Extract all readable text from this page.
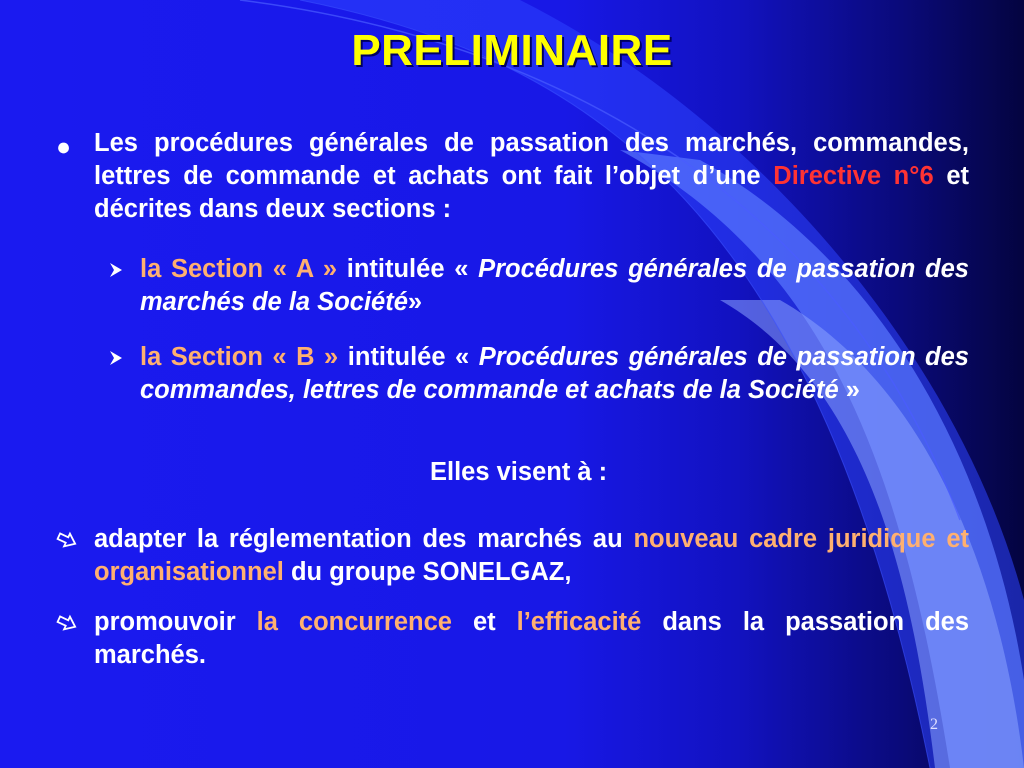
PRELIMINAIRE
● Les procédures générales de passation des marchés, commandes, lettres de commande et achats ont fait l’objet d’une Directive n°6 et décrites dans deux sections :
la Section « A » intitulée « Procédures générales de passation des marchés de la Société»
la Section « B » intitulée « Procédures générales de passation des commandes, lettres de commande et achats de la Société »
Elles visent à :
adapter la réglementation des marchés au nouveau cadre juridique et organisationnel du groupe SONELGAZ,
promouvoir la concurrence et l’efficacité dans la passation des marchés.
2
